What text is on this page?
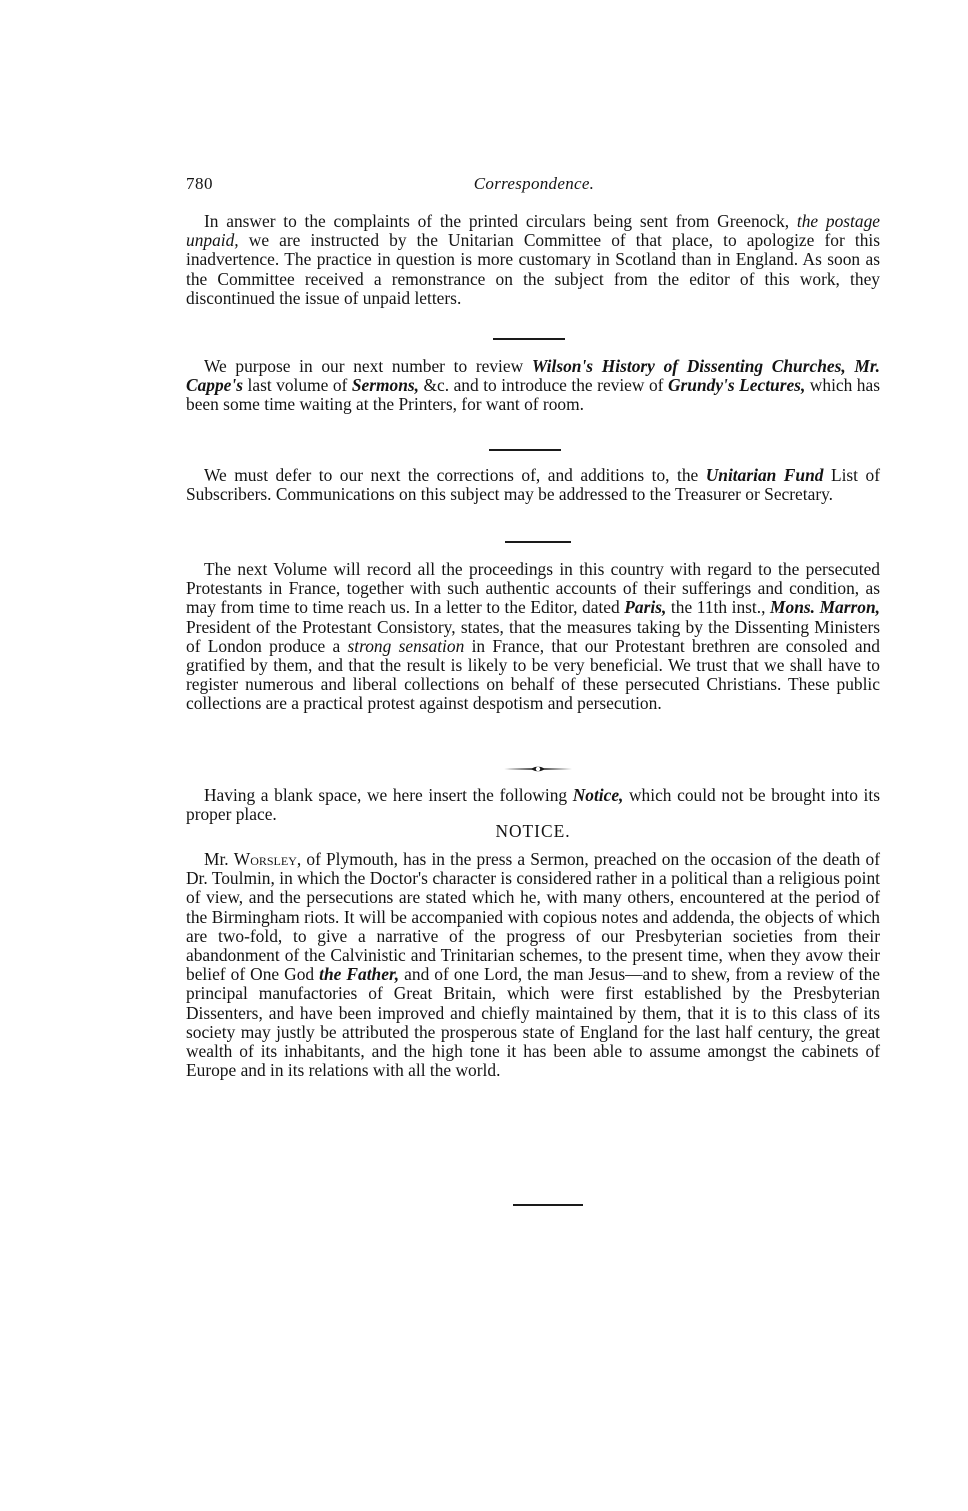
780	Correspondence.

In answer to the complaints of the printed circulars being sent from Greenock, the postage unpaid, we are instructed by the Unitarian Committee of that place, to apologize for this inadvertence. The practice in question is more customary in Scotland than in England. As soon as the Committee received a remonstrance on the subject from the editor of this work, they discontinued the issue of unpaid letters.

We purpose in our next number to review Wilson's History of Dissenting Churches, Mr. Cappe's last volume of Sermons, &c. and to introduce the review of Grundy's Lectures, which has been some time waiting at the Printers, for want of room.

We must defer to our next the corrections of, and additions to, the Unitarian Fund List of Subscribers. Communications on this subject may be addressed to the Treasurer or Secretary.

The next Volume will record all the proceedings in this country with regard to the persecuted Protestants in France, together with such authentic accounts of their sufferings and condition, as may from time to time reach us. In a letter to the Editor, dated Paris, the 11th inst., Mons. Marron, President of the Protestant Consistory, states, that the measures taking by the Dissenting Ministers of London produce a strong sensation in France, that our Protestant brethren are consoled and gratified by them, and that the result is likely to be very beneficial. We trust that we shall have to register numerous and liberal collections on behalf of these persecuted Christians. These public collections are a practical protest against despotism and persecution.

Having a blank space, we here insert the following Notice, which could not be brought into its proper place.

NOTICE.

Mr. Worsley, of Plymouth, has in the press a Sermon, preached on the occasion of the death of Dr. Toulmin, in which the Doctor's character is considered rather in a political than a religious point of view, and the persecutions are stated which he, with many others, encountered at the period of the Birmingham riots. It will be accompanied with copious notes and addenda, the objects of which are two-fold, to give a narrative of the progress of our Presbyterian societies from their abandonment of the Calvinistic and Trinitarian schemes, to the present time, when they avow their belief of One God the Father, and of one Lord, the man Jesus—and to shew, from a review of the principal manufactories of Great Britain, which were first established by the Presbyterian Dissenters, and have been improved and chiefly maintained by them, that it is to this class of its society may justly be attributed the prosperous state of England for the last half century, the great wealth of its inhabitants, and the high tone it has been able to assume amongst the cabinets of Europe and in its relations with all the world.
